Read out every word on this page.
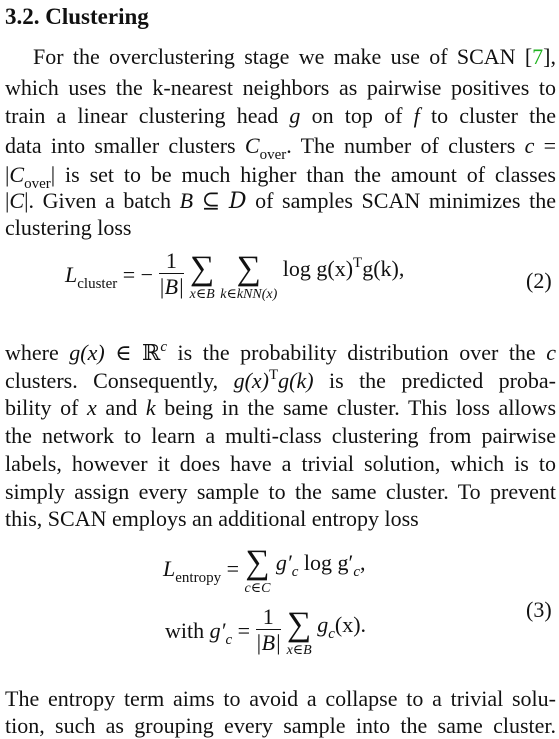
3.2. Clustering
For the overclustering stage we make use of SCAN [7],
which uses the k-nearest neighbors as pairwise positives to
train a linear clustering head g on top of f to cluster the
data into smaller clusters $C_{over}$. The number of clusters c =
$|C_{over}|$ is set to be much higher than the amount of classes
|C|. Given a batch B ⊆ D of samples SCAN minimizes the
clustering loss
$L_{cluster}$ = − $\frac{1}{|B|}$
∑
x∈B

∑
k∈kNN(x)
$\log g(x)^Tg(k)$,	(2)
where g(x) ∈ ℝ$^c$ is the probability distribution over the c
clusters. Consequently, $g(x)^Tg(k)$ is the predicted proba-
bility of x and k being in the same cluster. This loss allows
the network to learn a multi-class clustering from pairwise
labels, however it does have a trivial solution, which is to
simply assign every sample to the same cluster. To prevent
this, SCAN employs an additional entropy loss
$L_{entropy}$ = ∑
c∈C
$g'_c$ $\log g'_c$,
with $g'_c = \frac{1}{|B|}$
∑
x∈B
$g_c(x)$.
(3)
The entropy term aims to avoid a collapse to a trivial solu-
tion, such as grouping every sample into the same cluster.
